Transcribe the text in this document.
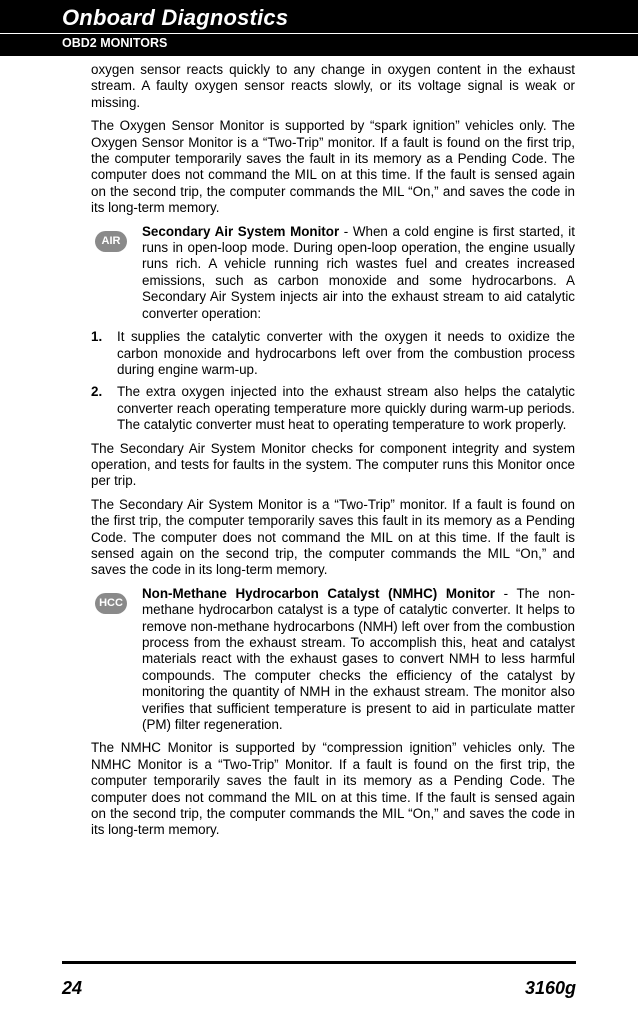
Onboard Diagnostics
OBD2 MONITORS

oxygen sensor reacts quickly to any change in oxygen content in the exhaust stream. A faulty oxygen sensor reacts slowly, or its voltage signal is weak or missing.

The Oxygen Sensor Monitor is supported by “spark ignition” vehicles only. The Oxygen Sensor Monitor is a “Two-Trip” monitor. If a fault is found on the first trip, the computer temporarily saves the fault in its memory as a Pending Code. The computer does not command the MIL on at this time. If the fault is sensed again on the second trip, the computer commands the MIL “On,” and saves the code in its long-term memory.

AIR
Secondary Air System Monitor - When a cold engine is first started, it runs in open-loop mode. During open-loop operation, the engine usually runs rich. A vehicle running rich wastes fuel and creates increased emissions, such as carbon monoxide and some hydrocarbons. A Secondary Air System injects air into the exhaust stream to aid catalytic converter operation:

1. It supplies the catalytic converter with the oxygen it needs to oxidize the carbon monoxide and hydrocarbons left over from the combustion process during engine warm-up.
2. The extra oxygen injected into the exhaust stream also helps the catalytic converter reach operating temperature more quickly during warm-up periods. The catalytic converter must heat to operating temperature to work properly.

The Secondary Air System Monitor checks for component integrity and system operation, and tests for faults in the system. The computer runs this Monitor once per trip.

The Secondary Air System Monitor is a “Two-Trip” monitor. If a fault is found on the first trip, the computer temporarily saves this fault in its memory as a Pending Code. The computer does not command the MIL on at this time. If the fault is sensed again on the second trip, the computer commands the MIL “On,” and saves the code in its long-term memory.

HCC
Non-Methane Hydrocarbon Catalyst (NMHC) Monitor - The non-methane hydrocarbon catalyst is a type of catalytic converter. It helps to remove non-methane hydrocarbons (NMH) left over from the combustion process from the exhaust stream. To accomplish this, heat and catalyst materials react with the exhaust gases to convert NMH to less harmful compounds. The computer checks the efficiency of the catalyst by monitoring the quantity of NMH in the exhaust stream. The monitor also verifies that sufficient temperature is present to aid in particulate matter (PM) filter regeneration.

The NMHC Monitor is supported by “compression ignition” vehicles only. The NMHC Monitor is a “Two-Trip” Monitor. If a fault is found on the first trip, the computer temporarily saves the fault in its memory as a Pending Code. The computer does not command the MIL on at this time. If the fault is sensed again on the second trip, the computer commands the MIL “On,” and saves the code in its long-term memory.

24	3160g
